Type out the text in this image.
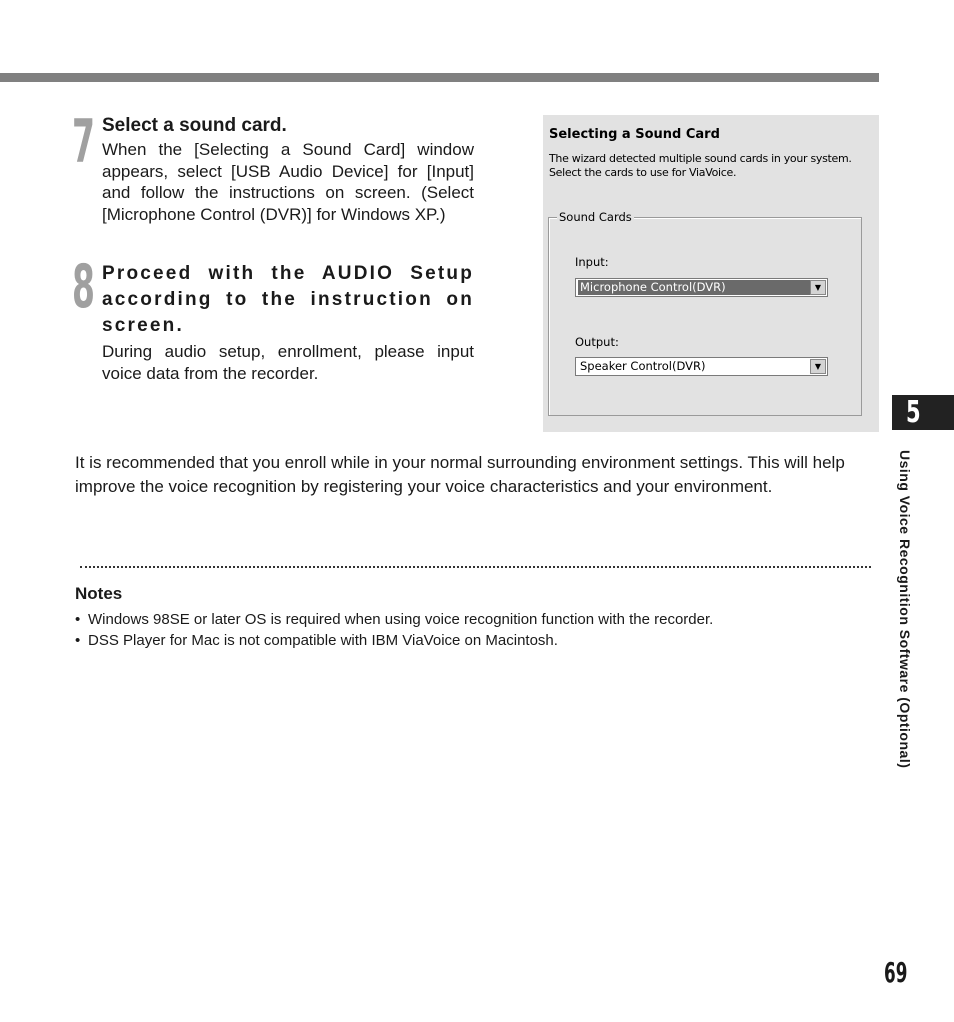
7 Select a sound card.

When the [Selecting a Sound Card] window appears, select [USB Audio Device] for [Input] and follow the instructions on screen. (Select [Microphone Control (DVR)] for Windows XP.)

8 Proceed with the AUDIO Setup according to the instruction on screen.

During audio setup, enrollment, please input voice data from the recorder.

Selecting a Sound Card
The wizard detected multiple sound cards in your system. Select the cards to use for ViaVoice.
Sound Cards
Input:
Microphone Control(DVR)	▼
Output:
Speaker Control(DVR)	▼
5
Using Voice Recognition Software (Optional)

It is recommended that you enroll while in your normal surrounding environment settings. This will help improve the voice recognition by registering your voice characteristics and your environment.

Notes

• Windows 98SE or later OS is required when using voice recognition function with the recorder.
• DSS Player for Mac is not compatible with IBM ViaVoice on Macintosh.
69
